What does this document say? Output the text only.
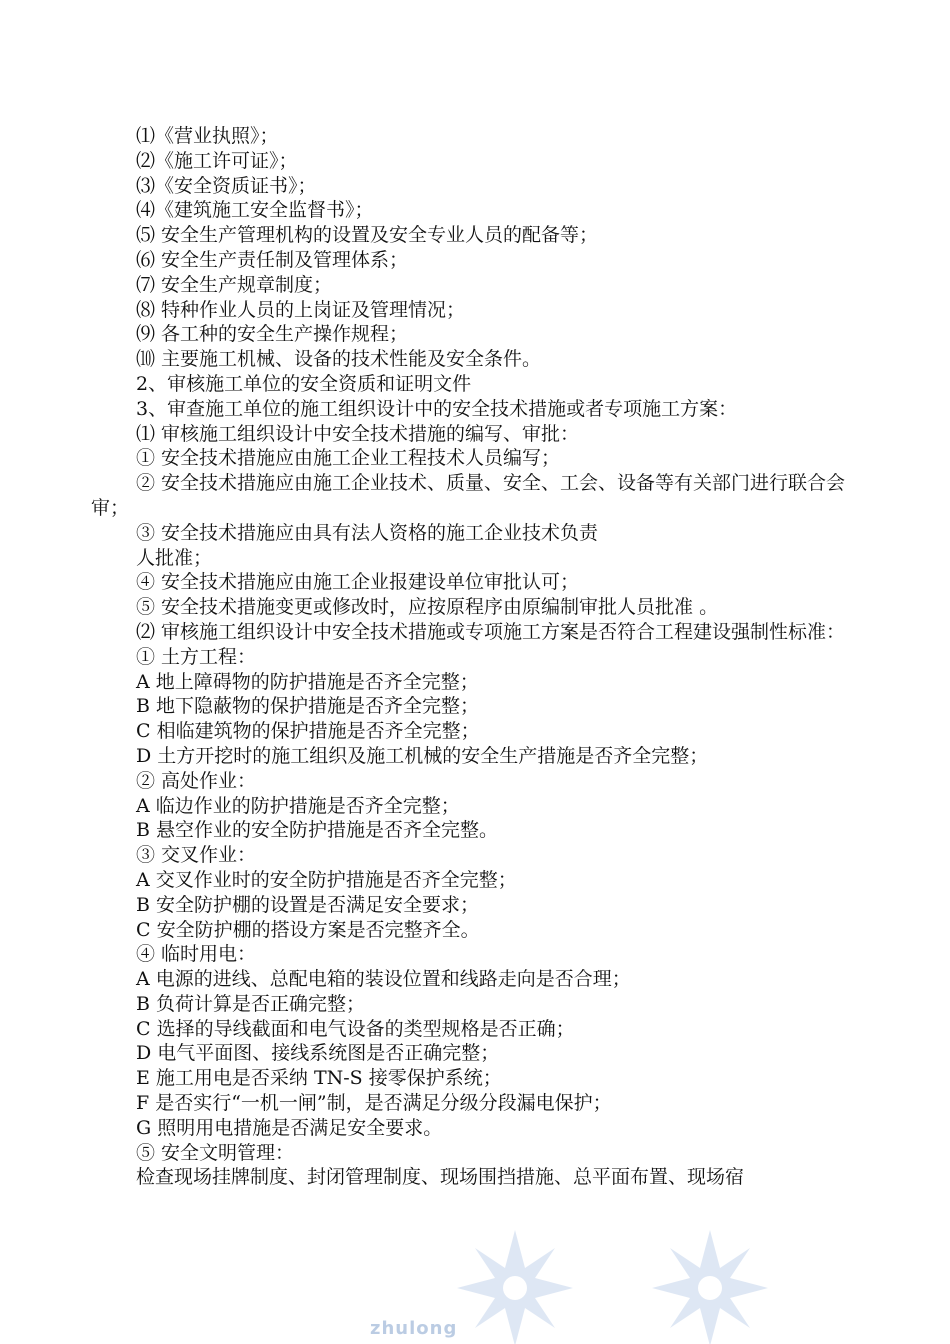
⑴《营业执照》；

⑵《施工许可证》；

⑶《安全资质证书》；

⑷《建筑施工安全监督书》；

⑸ 安全生产管理机构的设置及安全专业人员的配备等；

⑹ 安全生产责任制及管理体系；

⑺ 安全生产规章制度；

⑻ 特种作业人员的上岗证及管理情况；

⑼ 各工种的安全生产操作规程；

⑽ 主要施工机械、设备的技术性能及安全条件。

2、审核施工单位的安全资质和证明文件

3、审查施工单位的施工组织设计中的安全技术措施或者专项施工方案：

⑴ 审核施工组织设计中安全技术措施的编写、审批：

① 安全技术措施应由施工企业工程技术人员编写；

② 安全技术措施应由施工企业技术、质量、安全、工会、设备等有关部门进行联合会审；

③ 安全技术措施应由具有法人资格的施工企业技术负责

人批准；

④ 安全技术措施应由施工企业报建设单位审批认可；

⑤ 安全技术措施变更或修改时，应按原程序由原编制审批人员批准 。

⑵ 审核施工组织设计中安全技术措施或专项施工方案是否符合工程建设强制性标准：

① 土方工程：

A 地上障碍物的防护措施是否齐全完整；

B 地下隐蔽物的保护措施是否齐全完整；

C 相临建筑物的保护措施是否齐全完整；

D 土方开挖时的施工组织及施工机械的安全生产措施是否齐全完整；

② 高处作业：

A 临边作业的防护措施是否齐全完整；

B 悬空作业的安全防护措施是否齐全完整。

③ 交叉作业：

A 交叉作业时的安全防护措施是否齐全完整；

B 安全防护棚的设置是否满足安全要求；

C 安全防护棚的搭设方案是否完整齐全。

④ 临时用电：

A 电源的进线、总配电箱的装设位置和线路走向是否合理；

B 负荷计算是否正确完整；

C 选择的导线截面和电气设备的类型规格是否正确；

D 电气平面图、接线系统图是否正确完整；

E 施工用电是否采纳 TN-S 接零保护系统；

F 是否实行“一机一闸”制，是否满足分级分段漏电保护；

G 照明用电措施是否满足安全要求。

⑤ 安全文明管理：

检查现场挂牌制度、封闭管理制度、现场围挡措施、总平面布置、现场宿

zhulong
